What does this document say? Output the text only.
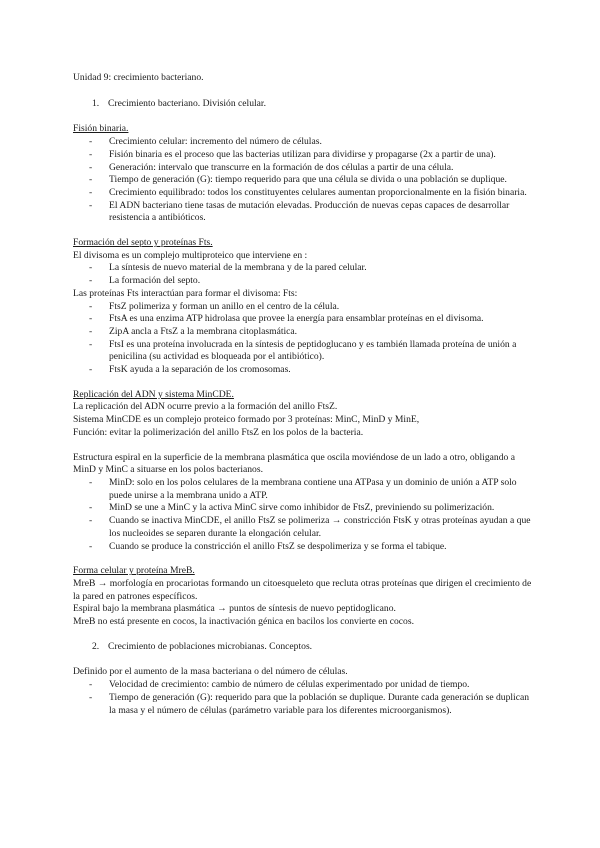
Unidad 9: crecimiento bacteriano.
1. Crecimiento bacteriano. División celular.
Fisión binaria.
- Crecimiento celular: incremento del número de células.
- Fisión binaria es el proceso que las bacterias utilizan para dividirse y propagarse (2x a partir de una).
- Generación: intervalo que transcurre en la formación de dos células a partir de una célula.
- Tiempo de generación (G): tiempo requerido para que una célula se divida o una población se duplique.
- Crecimiento equilibrado: todos los constituyentes celulares aumentan proporcionalmente en la fisión binaria.
- El ADN bacteriano tiene tasas de mutación elevadas. Producción de nuevas cepas capaces de desarrollar resistencia a antibióticos.
Formación del septo y proteínas Fts.
El divisoma es un complejo multiproteico que interviene en :
- La síntesis de nuevo material de la membrana y de la pared celular.
- La formación del septo.
Las proteínas Fts interactúan para formar el divisoma: Fts:
- FtsZ polimeriza y forman un anillo en el centro de la célula.
- FtsA es una enzima ATP hidrolasa que provee la energía para ensamblar proteínas en el divisoma.
- ZipA ancla a FtsZ a la membrana citoplasmática.
- FtsI es una proteína involucrada en la síntesis de peptidoglucano y es también llamada proteína de unión a penicilina (su actividad es bloqueada por el antibiótico).
- FtsK ayuda a la separación de los cromosomas.
Replicación del ADN y sistema MinCDE.
La replicación del ADN ocurre previo a la formación del anillo FtsZ.
Sistema MinCDE es un complejo proteico formado por 3 proteínas: MinC, MinD y MinE,
Función: evitar la polimerización del anillo FtsZ en los polos de la bacteria.
Estructura espiral en la superficie de la membrana plasmática que oscila moviéndose de un lado a otro, obligando a MinD y MinC a situarse en los polos bacterianos.
- MinD: solo en los polos celulares de la membrana contiene una ATPasa y un dominio de unión a ATP solo puede unirse a la membrana unido a ATP.
- MinD se une a MinC y la activa MinC sirve como inhibidor de FtsZ, previniendo su polimerización.
- Cuando se inactiva MinCDE, el anillo FtsZ se polimeriza → constricción FtsK y otras proteínas ayudan a que los nucleoides se separen durante la elongación celular.
- Cuando se produce la constricción el anillo FtsZ se despolimeriza y se forma el tabique.
Forma celular y proteína MreB.
MreB → morfología en procariotas formando un citoesqueleto que recluta otras proteínas que dirigen el crecimiento de la pared en patrones específicos.
Espiral bajo la membrana plasmática → puntos de síntesis de nuevo peptidoglicano.
MreB no está presente en cocos, la inactivación génica en bacilos los convierte en cocos.
2. Crecimiento de poblaciones microbianas. Conceptos.
Definido por el aumento de la masa bacteriana o del número de células.
- Velocidad de crecimiento: cambio de número de células experimentado por unidad de tiempo.
- Tiempo de generación (G): requerido para que la población se duplique. Durante cada generación se duplican la masa y el número de células (parámetro variable para los diferentes microorganismos).
